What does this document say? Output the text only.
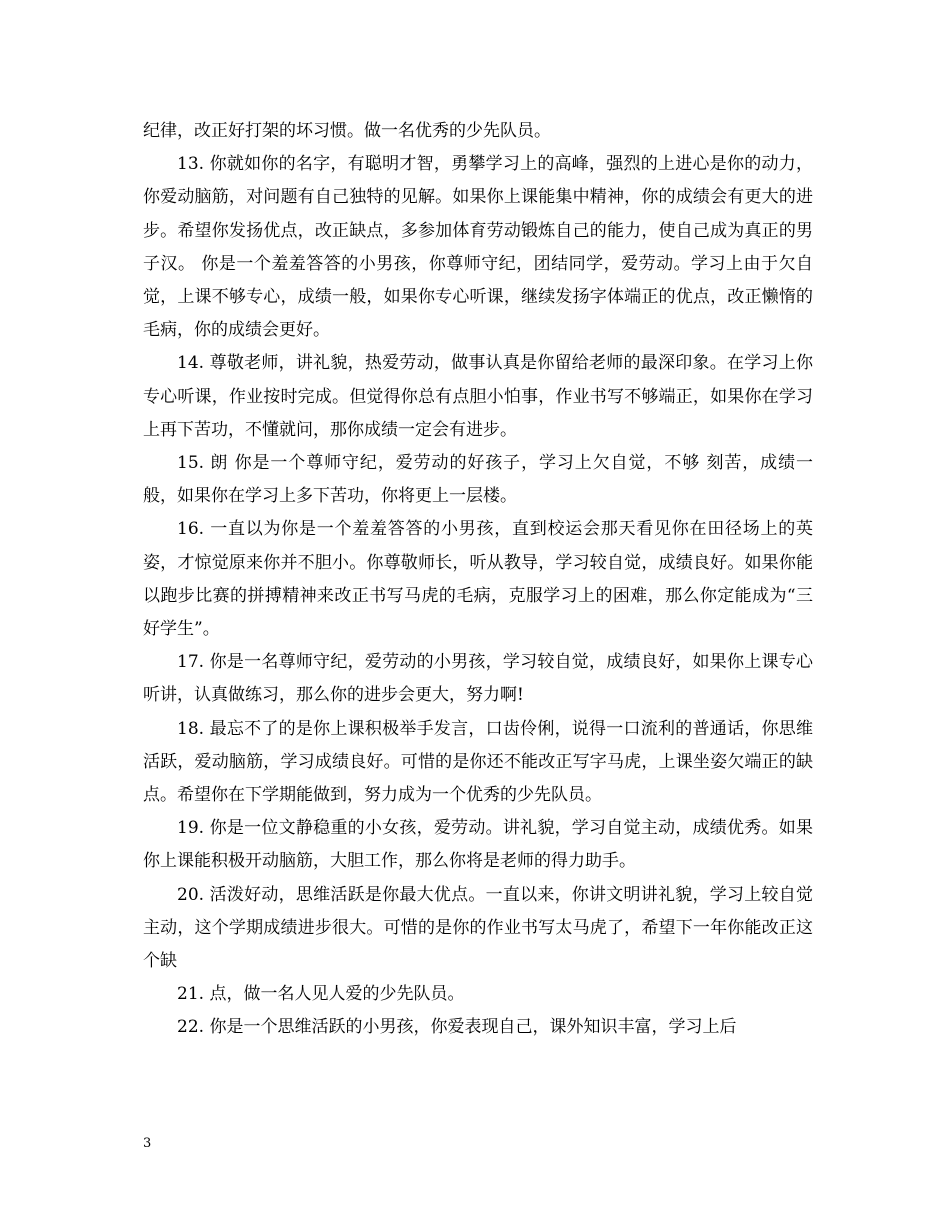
纪律，改正好打架的坏习惯。做一名优秀的少先队员。

13. 你就如你的名字，有聪明才智，勇攀学习上的高峰，强烈的上进心是你的动力，你爱动脑筋，对问题有自己独特的见解。如果你上课能集中精神，你的成绩会有更大的进步。希望你发扬优点，改正缺点，多参加体育劳动锻炼自己的能力，使自己成为真正的男子汉。 你是一个羞羞答答的小男孩，你尊师守纪，团结同学，爱劳动。学习上由于欠自觉，上课不够专心，成绩一般，如果你专心听课，继续发扬字体端正的优点，改正懒惰的毛病，你的成绩会更好。

14. 尊敬老师，讲礼貌，热爱劳动，做事认真是你留给老师的最深印象。在学习上你专心听课，作业按时完成。但觉得你总有点胆小怕事，作业书写不够端正，如果你在学习上再下苦功，不懂就问，那你成绩一定会有进步。

15. 朗 你是一个尊师守纪，爱劳动的好孩子，学习上欠自觉，不够 刻苦，成绩一般，如果你在学习上多下苦功，你将更上一层楼。

16. 一直以为你是一个羞羞答答的小男孩，直到校运会那天看见你在田径场上的英姿，才惊觉原来你并不胆小。你尊敬师长，听从教导，学习较自觉，成绩良好。如果你能以跑步比赛的拼搏精神来改正书写马虎的毛病，克服学习上的困难，那么你定能成为“三好学生”。

17. 你是一名尊师守纪，爱劳动的小男孩，学习较自觉，成绩良好，如果你上课专心听讲，认真做练习，那么你的进步会更大，努力啊!

18. 最忘不了的是你上课积极举手发言，口齿伶俐，说得一口流利的普通话，你思维活跃，爱动脑筋，学习成绩良好。可惜的是你还不能改正写字马虎，上课坐姿欠端正的缺点。希望你在下学期能做到，努力成为一个优秀的少先队员。

19. 你是一位文静稳重的小女孩，爱劳动。讲礼貌，学习自觉主动，成绩优秀。如果你上课能积极开动脑筋，大胆工作，那么你将是老师的得力助手。

20. 活泼好动，思维活跃是你最大优点。一直以来，你讲文明讲礼貌，学习上较自觉主动，这个学期成绩进步很大。可惜的是你的作业书写太马虎了，希望下一年你能改正这个缺

21. 点，做一名人见人爱的少先队员。

22. 你是一个思维活跃的小男孩，你爱表现自己，课外知识丰富，学习上后

3
